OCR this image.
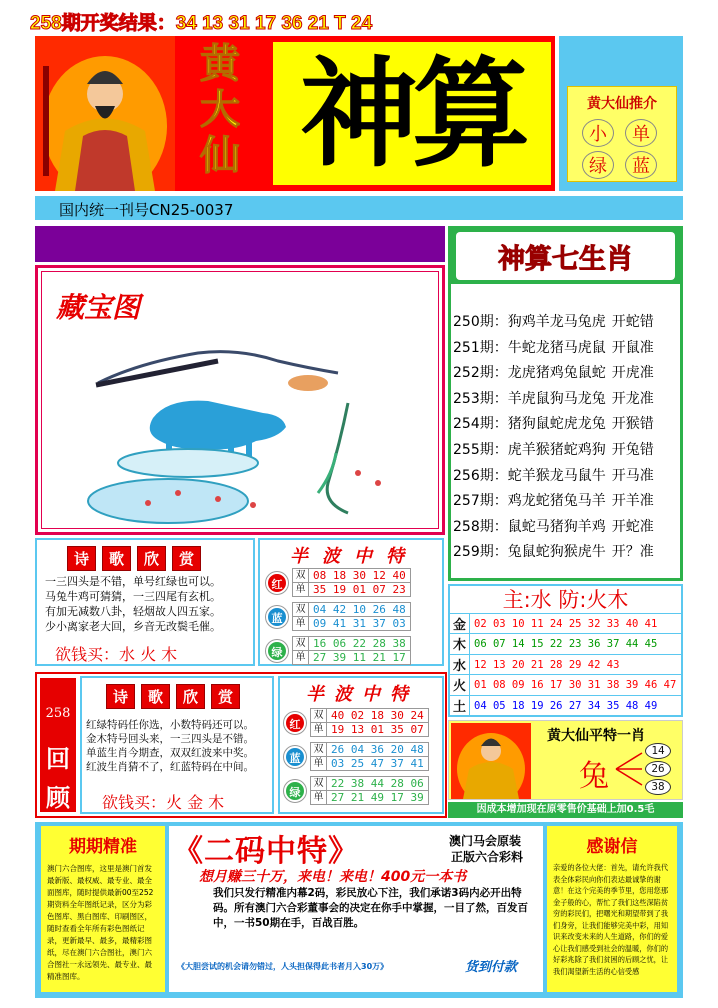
258期开奖结果：34 13 31 17 36 21 T 24
黄
大
仙 神算	黄大仙推介
小	单
绿	蓝
国内统一刊号CN25-0037
藏宝图
神算七生肖
250期：狗鸡羊龙马兔虎 开蛇错
251期：牛蛇龙猪马虎鼠 开鼠准
252期：龙虎猪鸡兔鼠蛇 开虎准
253期：羊虎鼠狗马龙兔 开龙准
254期：猪狗鼠蛇虎龙兔 开猴错
255期：虎羊猴猪蛇鸡狗 开兔错
256期：蛇羊猴龙马鼠牛 开马准
257期：鸡龙蛇猪兔马羊 开羊准
258期：鼠蛇马猪狗羊鸡 开蛇准
259期：兔鼠蛇狗猴虎牛 开？准
诗	歌	欣	赏
一三四头是不错，单号红绿也可以。
马兔牛鸡可猜猜，一三四尾有玄机。
有加无减数八卦，轻烟故人四五家。
少小离家老大回，乡音无改鬓毛催。
欲钱买：水 火 木
半 波 中 特
红
双 08 18 30 12 40
单 35 19 01 07 23
蓝
双 04 42 10 26 48
单 09 41 31 37 03
绿
双 16 06 22 28 38
单 27 39 11 21 17
主:水 防:火木
金 02 03 10 11 24 25 32 33 40 41
木 06 07 14 15 22 23 36 37 44 45
水 12 13 20 21 28 29 42 43
火 01 08 09 16 17 30 31 38 39 46 47
土 04 05 18 19 26 27 34 35 48 49
258
回
顾
诗	歌	欣	赏
红绿特码任你选，小数特码还可以。
金木特号回头来，一三四头是不错。
单蓝生肖今期查，双双红波来中奖。
红波生肖猜不了，红蓝特码在中间。
欲钱买：火 金 木
半 波 中 特
红
双 40 02 18 30 24
单 19 13 01 35 07
蓝
双 26 04 36 20 48
单 03 25 47 37 41
绿
双 22 38 44 28 06
单 27 21 49 17 39
黄大仙平特一肖
兔
14
26
38
因成本增加现在原零售价基础上加0.5毛
期期精准
澳门六合图库，这里是澳门首发最新版、最权威、最专业、最全面图库，随时提供最新00至252期资料全年图纸记录，区分为彩色图库、黑白图库、印刷图区，随时查看全年所有彩色图纸记录，更新最早、最多，最精彩图纸，尽在澳门六合图社，澳门六合图社一永远领先、最专业、最精准图库。
《二码中特》	澳门马会原装
正版六合彩料
想月赚三十万，来电！来电！400元一本书
我们只发行精准内幕2码，彩民放心下注，我们承诺3码内必开出特码。所有澳门六合彩董事会的决定在你手中掌握，一目了然，百发百中，一书50期在手，百战百胜。
《大胆尝试的机会请勿错过，人头担保得此书者月入30万》	货到付款
感谢信
亲爱的各位大佬：首先，请允许我代表全体彩民向你们表达最诚挚的谢意！在这个完美的季节里，您用您那金子般的心，帮忙了我们这些深陷贫穷的彩民们，把曙光和期望带到了我们身旁，让我们能够完美中彩，用知识来改变未来的人生道路，你们的爱心让我们感受到社会的温暖，你们的好彩兆除了我们贫困的后顾之忧，让我们渴望新生活的心信受感
